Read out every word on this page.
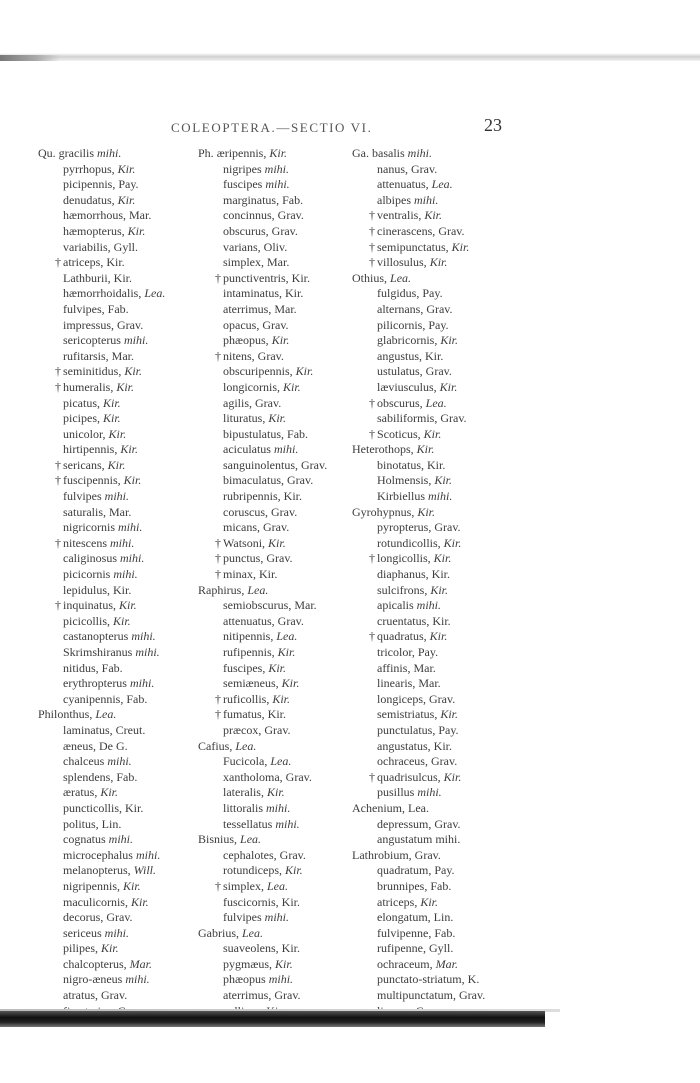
COLEOPTERA.—SECTIO VI.	23
Qu. gracilis mihi.
pyrrhopus, Kir.
picipennis, Pay.
denudatus, Kir.
hæmorrhous, Mar.
hæmopterus, Kir.
variabilis, Gyll.
† atriceps, Kir.
Lathburii, Kir.
hæmorrhoidalis, Lea.
fulvipes, Fab.
impressus, Grav.
sericopterus mihi.
rufitarsis, Mar.
† seminitidus, Kir.
† humeralis, Kir.
picatus, Kir.
picipes, Kir.
unicolor, Kir.
hirtipennis, Kir.
† sericans, Kir.
† fuscipennis, Kir.
fulvipes mihi.
saturalis, Mar.
nigricornis mihi.
† nitescens mihi.
caliginosus mihi.
picicornis mihi.
lepidulus, Kir.
† inquinatus, Kir.
picicollis, Kir.
castanopterus mihi.
Skrimshiranus mihi.
nitidus, Fab.
erythropterus mihi.
cyanipennis, Fab.
Philonthus, Lea.
laminatus, Creut.
æneus, De G.
chalceus mihi.
splendens, Fab.
æratus, Kir.
puncticollis, Kir.
politus, Lin.
cognatus mihi.
microcephalus mihi.
melanopterus, Will.
nigripennis, Kir.
maculicornis, Kir.
decorus, Grav.
sericeus mihi.
pilipes, Kir.
chalcopterus, Mar.
nigro-æneus mihi.
atratus, Grav.
Ph. æripennis, Kir.
nigripes mihi.
fuscipes mihi.
marginatus, Fab.
concinnus, Grav.
obscurus, Grav.
varians, Oliv.
simplex, Mar.
† punctiventris, Kir.
intaminatus, Kir.
aterrimus, Mar.
opacus, Grav.
phæopus, Kir.
† nitens, Grav.
obscuripennis, Kir.
longicornis, Kir.
agilis, Grav.
lituratus, Kir.
bipustulatus, Fab.
aciculatus mihi.
sanguinolentus, Grav.
bimaculatus, Grav.
rubripennis, Kir.
coruscus, Grav.
micans, Grav.
† Watsoni, Kir.
† punctus, Grav.
† minax, Kir.
Raphirus, Lea.
semiobscurus, Mar.
attenuatus, Grav.
nitipennis, Lea.
rufipennis, Kir.
fuscipes, Kir.
semiæneus, Kir.
† ruficollis, Kir.
† fumatus, Kir.
præcox, Grav.
Cafius, Lea.
Fucicola, Lea.
xantholoma, Grav.
lateralis, Kir.
littoralis mihi.
tessellatus mihi.
Bisnius, Lea.
cephalotes, Grav.
rotundiceps, Kir.
† simplex, Lea.
fuscicornis, Kir.
fulvipes mihi.
Gabrius, Lea.
suaveolens, Kir.
pygmæus, Kir.
phæopus mihi.
aterrimus, Grav.
Ga. basalis mihi.
nanus, Grav.
attenuatus, Lea.
albipes mihi.
† ventralis, Kir.
† cinerascens, Grav.
† semipunctatus, Kir.
† villosulus, Kir.
Othius, Lea.
fulgidus, Pay.
alternans, Grav.
pilicornis, Pay.
glabricornis, Kir.
angustus, Kir.
ustulatus, Grav.
læviusculus, Kir.
† obscurus, Lea.
sabiliformis, Grav.
† Scoticus, Kir.
Heterothops, Kir.
binotatus, Kir.
Holmensis, Kir.
Kirbiellus mihi.
Gyrohypnus, Kir.
pyropterus, Grav.
rotundicollis, Kir.
† longicollis, Kir.
diaphanus, Kir.
sulcifrons, Kir.
apicalis mihi.
cruentatus, Kir.
† quadratus, Kir.
tricolor, Pay.
affinis, Mar.
linearis, Mar.
longiceps, Grav.
semistriatus, Kir.
punctulatus, Pay.
angustatus, Kir.
ochraceus, Grav.
† quadrisulcus, Kir.
pusillus mihi.
Achenium, Lea.
depressum, Grav.
angustatum mihi.
Lathrobium, Grav.
quadratum, Pay.
brunnipes, Fab.
atriceps, Kir.
elongatum, Lin.
fulvipenne, Fab.
rufipenne, Gyll.
ochraceum, Mar.
punctato-striatum, K.
multipunctatum, Grav.
